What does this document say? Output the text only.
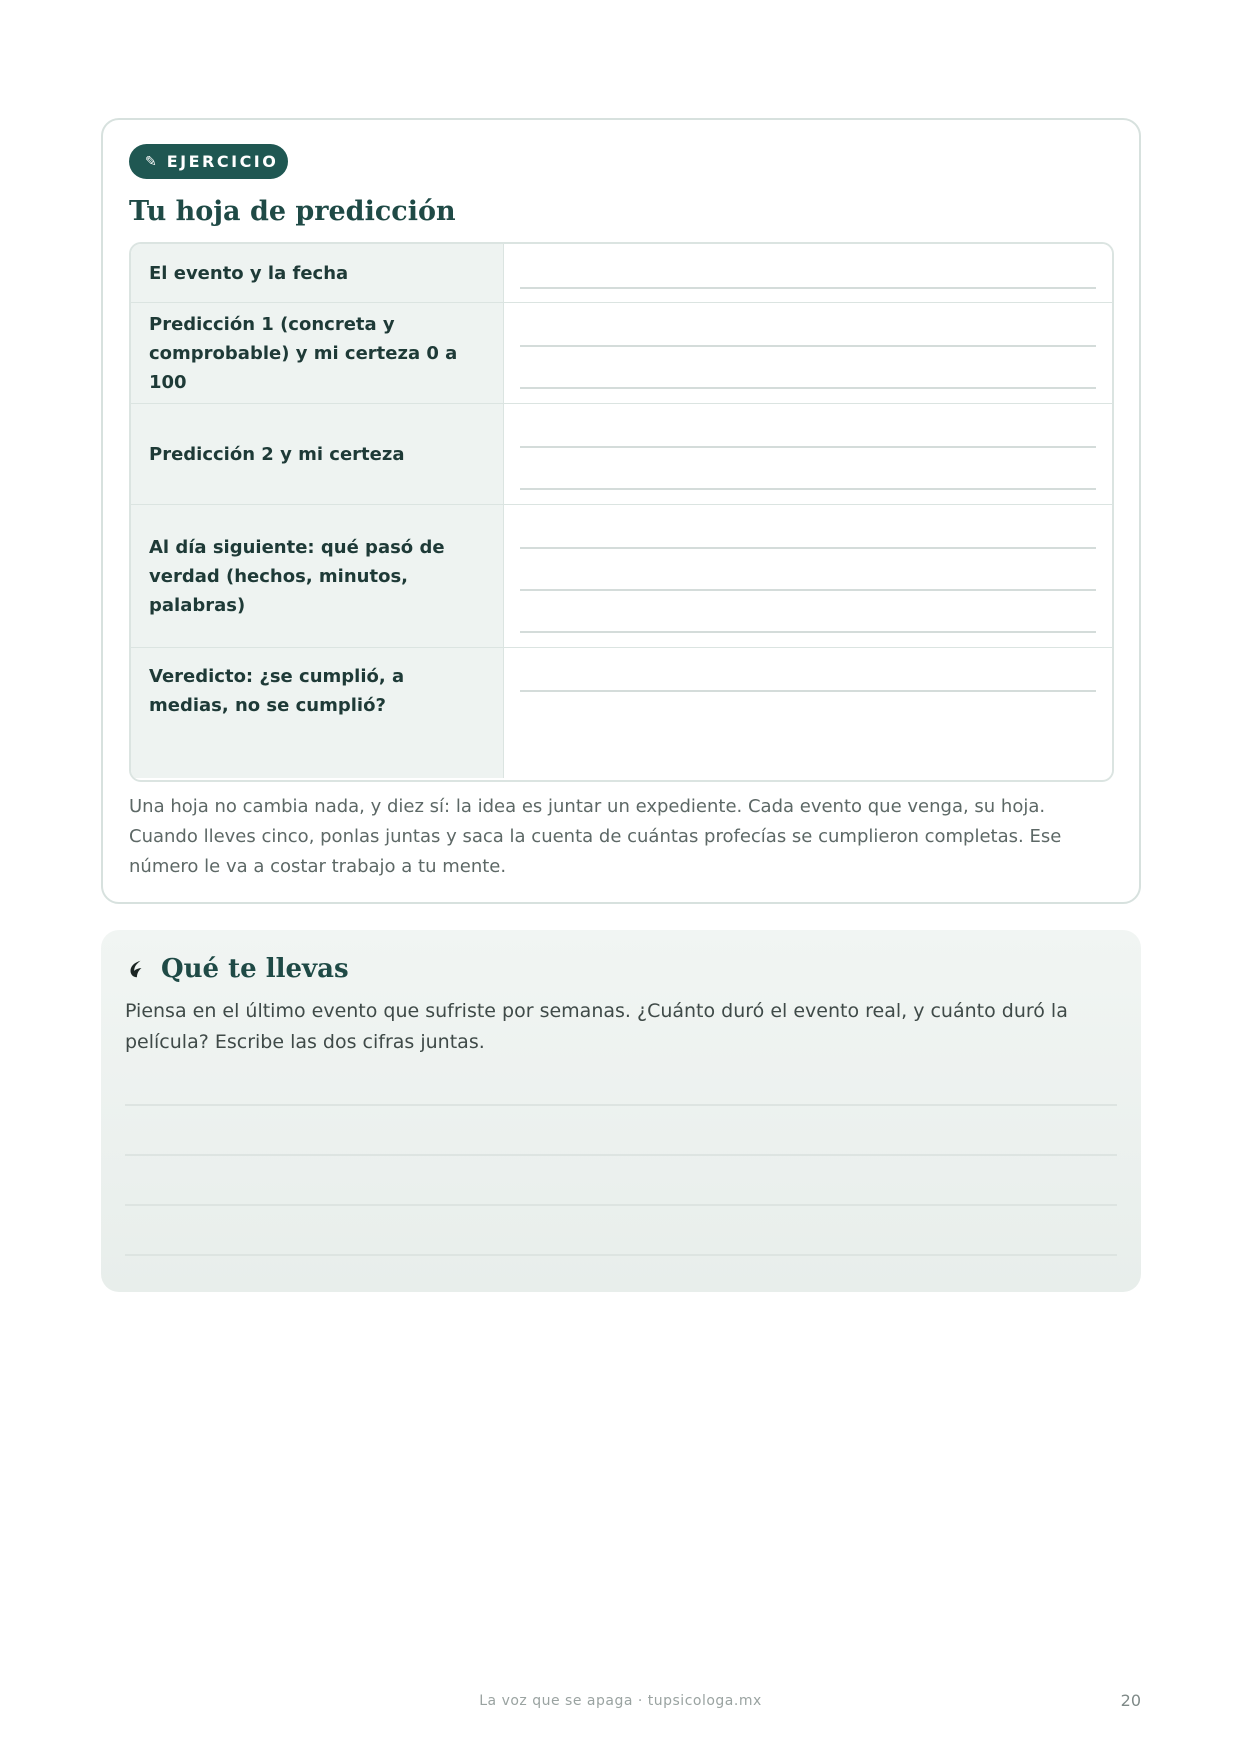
✎ EJERCICIO
Tu hoja de predicción
El evento y la fecha
Predicción 1 (concreta y comprobable) y mi certeza 0 a 100
Predicción 2 y mi certeza
Al día siguiente: qué pasó de verdad (hechos, minutos, palabras)
Veredicto: ¿se cumplió, a medias, no se cumplió?

Una hoja no cambia nada, y diez sí: la idea es juntar un expediente. Cada evento que venga, su hoja. Cuando lleves cinco, ponlas juntas y saca la cuenta de cuántas profecías se cumplieron completas. Ese número le va a costar trabajo a tu mente.

Qué te llevas

Piensa en el último evento que sufriste por semanas. ¿Cuánto duró el evento real, y cuánto duró la película? Escribe las dos cifras juntas.

La voz que se apaga · tupsicologa.mx	20
